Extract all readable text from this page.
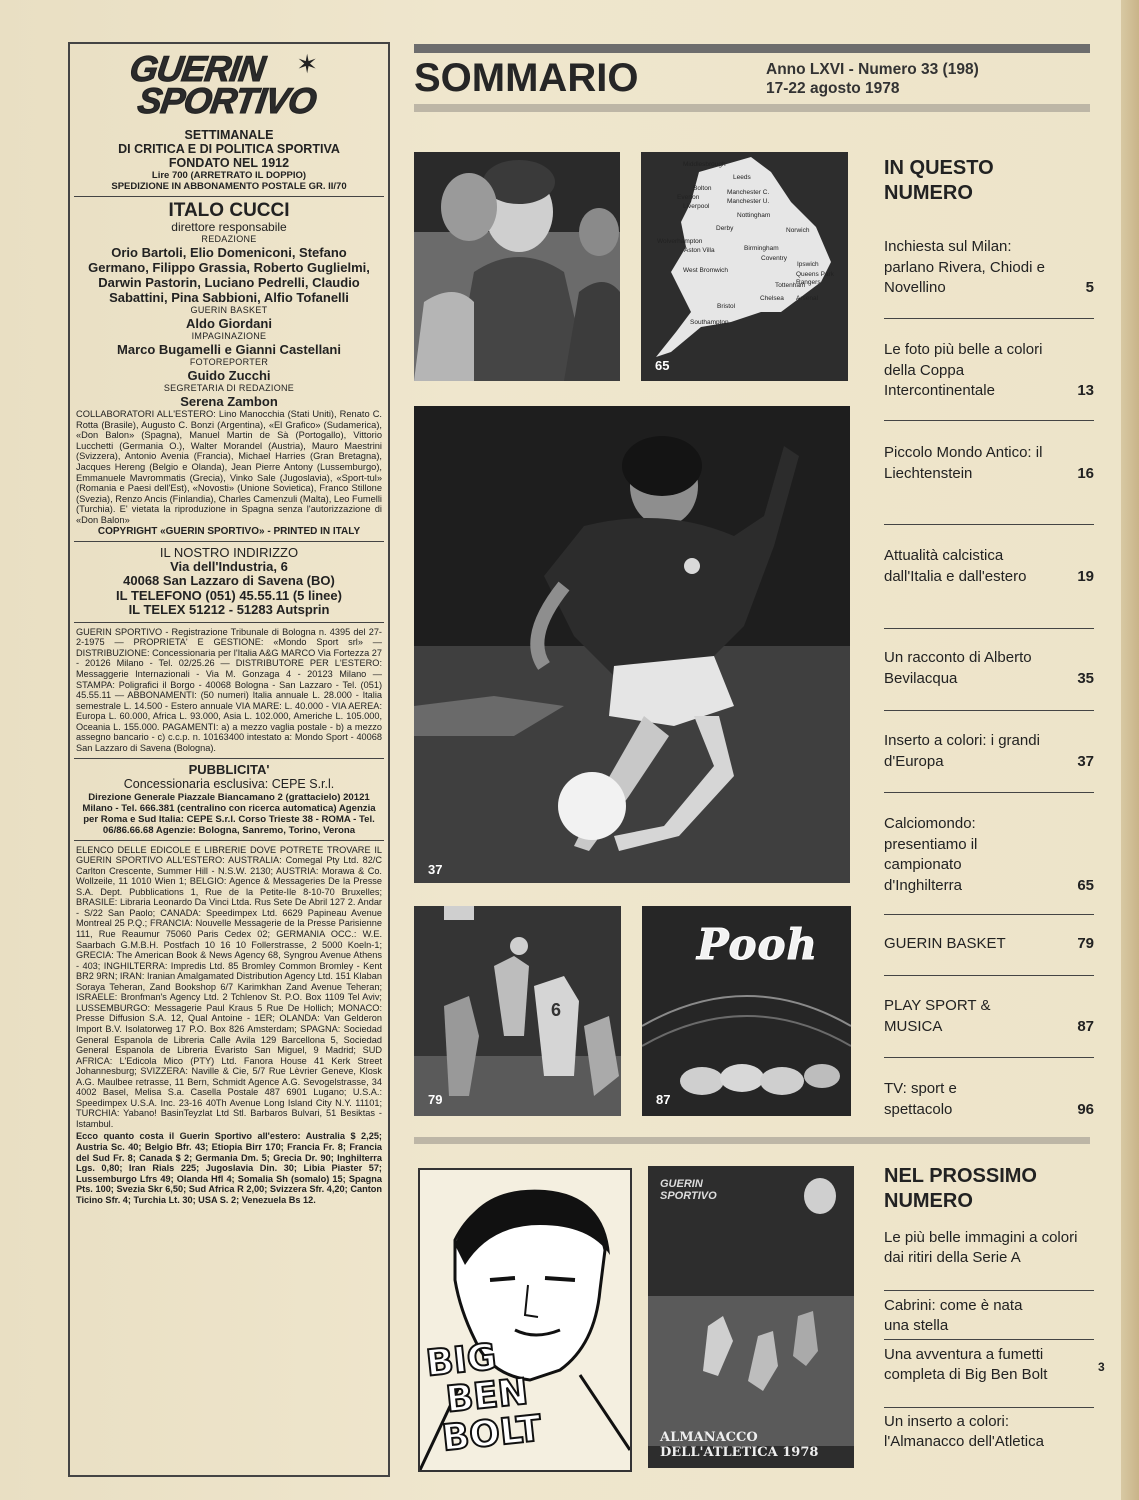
GUERIN
SPORTIVO
✶
SETTIMANALE
DI CRITICA E DI POLITICA SPORTIVA
FONDATO NEL 1912
Lire 700 (ARRETRATO IL DOPPIO)
SPEDIZIONE IN ABBONAMENTO POSTALE GR. II/70
ITALO CUCCI
direttore responsabile
REDAZIONE
Orio Bartoli, Elio Domeniconi, Stefano Germano, Filippo Grassia, Roberto Guglielmi, Darwin Pastorin, Luciano Pedrelli, Claudio Sabattini, Pina Sabbioni, Alfio Tofanelli
GUERIN BASKET
Aldo Giordani
IMPAGINAZIONE
Marco Bugamelli e Gianni Castellani
FOTOREPORTER
Guido Zucchi
SEGRETARIA DI REDAZIONE
Serena Zambon
COLLABORATORI ALL'ESTERO: Lino Manocchia (Stati Uniti), Renato C. Rotta (Brasile), Augusto C. Bonzi (Argentina), «El Grafico» (Sudamerica), «Don Balon» (Spagna), Manuel Martin de Sà (Portogallo), Vittorio Lucchetti (Germania O.), Walter Morandel (Austria), Mauro Maestrini (Svizzera), Antonio Avenia (Francia), Michael Harries (Gran Bretagna), Jacques Hereng (Belgio e Olanda), Jean Pierre Antony (Lussemburgo), Emmanuele Mavrommatis (Grecia), Vinko Sale (Jugoslavia), «Sport-tul» (Romania e Paesi dell'Est), «Novosti» (Unione Sovietica), Franco Stillone (Svezia), Renzo Ancis (Finlandia), Charles Camenzuli (Malta), Leo Fumelli (Turchia). E' vietata la riproduzione in Spagna senza l'autorizzazione di «Don Balon»
COPYRIGHT «GUERIN SPORTIVO» - PRINTED IN ITALY
IL NOSTRO INDIRIZZO
Via dell'Industria, 6
40068 San Lazzaro di Savena (BO)
IL TELEFONO (051) 45.55.11 (5 linee)
IL TELEX 51212 - 51283 Autsprin
GUERIN SPORTIVO - Registrazione Tribunale di Bologna n. 4395 del 27-2-1975 — PROPRIETA' E GESTIONE: «Mondo Sport srl» — DISTRIBUZIONE: Concessionaria per l'Italia A&G MARCO Via Fortezza 27 - 20126 Milano - Tel. 02/25.26 — DISTRIBUTORE PER L'ESTERO: Messaggerie Internazionali - Via M. Gonzaga 4 - 20123 Milano — STAMPA: Poligrafici il Borgo - 40068 Bologna - San Lazzaro - Tel. (051) 45.55.11 — ABBONAMENTI: (50 numeri) Italia annuale L. 28.000 - Italia semestrale L. 14.500 - Estero annuale VIA MARE: L. 40.000 - VIA AEREA: Europa L. 60.000, Africa L. 93.000, Asia L. 102.000, Americhe L. 105.000, Oceania L. 155.000. PAGAMENTI: a) a mezzo vaglia postale - b) a mezzo assegno bancario - c) c.c.p. n. 10163400 intestato a: Mondo Sport - 40068 San Lazzaro di Savena (Bologna).
PUBBLICITA'
Concessionaria esclusiva: CEPE S.r.l.
Direzione Generale Piazzale Biancamano 2 (grattacielo) 20121 Milano - Tel. 666.381 (centralino con ricerca automatica) Agenzia per Roma e Sud Italia: CEPE S.r.l. Corso Trieste 38 - ROMA - Tel. 06/86.66.68 Agenzie: Bologna, Sanremo, Torino, Verona
ELENCO DELLE EDICOLE E LIBRERIE DOVE POTRETE TROVARE IL GUERIN SPORTIVO ALL'ESTERO: AUSTRALIA: Comegal Pty Ltd. 82/C Carlton Crescente, Summer Hill - N.S.W. 2130; AUSTRIA: Morawa & Co. Wollzeile, 11 1010 Wien 1; BELGIO: Agence & Messageries De la Presse S.A. Dept. Pubblications 1, Rue de la Petite-Ile 8-10-70 Bruxelles; BRASILE: Libraria Leonardo Da Vinci Ltda. Rus Sete De Abril 127 2. Andar - S/22 San Paolo; CANADA: Speedimpex Ltd. 6629 Papineau Avenue Montreal 25 P.Q.; FRANCIA: Nouvelle Messagerie de la Presse Parisienne 111, Rue Reaumur 75060 Paris Cedex 02; GERMANIA OCC.: W.E. Saarbach G.M.B.H. Postfach 10 16 10 Follerstrasse, 2 5000 Koeln-1; GRECIA: The American Book & News Agency 68, Syngrou Avenue Athens - 403; INGHILTERRA: Impredis Ltd. 85 Bromley Common Bromley - Kent BR2 9RN; IRAN: Iranian Amalgamated Distribution Agency Ltd. 151 Klaban Soraya Teheran, Zand Bookshop 6/7 Karimkhan Zand Avenue Teheran; ISRAELE: Bronfman's Agency Ltd. 2 Tchlenov St. P.O. Box 1109 Tel Aviv; LUSSEMBURGO: Messagerie Paul Kraus 5 Rue De Hollich; MONACO: Presse Diffusion S.A. 12, Qual Antoine - 1ER; OLANDA: Van Gelderon Import B.V. Isolatorweg 17 P.O. Box 826 Amsterdam; SPAGNA: Sociedad General Espanola de Libreria Calle Avila 129 Barcellona 5, Sociedad General Espanola de Libreria Evaristo San Miguel, 9 Madrid; SUD AFRICA: L'Edicola Mico (PTY) Ltd. Fanora House 41 Kerk Street Johannesburg; SVIZZERA: Naville & Cie, 5/7 Rue Lèvrier Geneve, Klosk A.G. Maulbee retrasse, 11 Bern, Schmidt Agence A.G. Sevogelstrasse, 34 4002 Basel, Melisa S.a. Casella Postale 487 6901 Lugano; U.S.A.: Speedimpex U.S.A. Inc. 23-16 40Th Avenue Long Island City N.Y. 11101; TURCHIA: Yabano! BasinTeyzlat Ltd Stl. Barbaros Bulvari, 51 Besiktas - Istambul.
Ecco quanto costa il Guerin Sportivo all'estero: Australia $ 2,25; Austria Sc. 40; Belgio Bfr. 43; Etiopia Birr 170; Francia Fr. 8; Francia del Sud Fr. 8; Canada $ 2; Germania Dm. 5; Grecia Dr. 90; Inghilterra Lgs. 0,80; Iran Rials 225; Jugoslavia Din. 30; Libia Piaster 57; Lussemburgo Lfrs 49; Olanda Hfl 4; Somalia Sh (somalo) 15; Spagna Pts. 100; Svezia Skr 6,50; Sud Africa R 2,00; Svizzera Sfr. 4,20; Canton Ticino Sfr. 4; Turchia Lt. 30; USA S. 2; Venezuela Bs 12.
SOMMARIO	Anno LXVI - Numero 33 (198)
17-22 agosto 1978
Middlesbrough
Leeds
Bolton
Everton
Manchester C.
Manchester U.
Liverpool
Nottingham
Derby	Norwich
Wolverhampton
Birmingham
Aston Villa
Coventry
Ipswich
West Bromwich
Queens Park
Rangers
Tottenham
Bristol
Chelsea Arsenal
Southampton
65
37
6
79
Pooh
87
BIG
BEN
BOLT
GUERIN SPORTIVO
ALMANACCO DELL'ATLETICA 1978
IN QUESTO NUMERO
Inchiesta sul Milan: parlano Rivera, Chiodi e Novellino	5
Le foto più belle a colori della Coppa Intercontinentale	13
Piccolo Mondo Antico: il Liechtenstein	16
Attualità calcistica dall'Italia e dall'estero	19
Un racconto di Alberto Bevilacqua	35
Inserto a colori: i grandi d'Europa	37
Calciomondo: presentiamo il campionato d'Inghilterra	65
GUERIN BASKET	79
PLAY SPORT & MUSICA	87
TV: sport e spettacolo	96
NEL PROSSIMO NUMERO
Le più belle immagini a colori dai ritiri della Serie A
Cabrini: come è nata una stella
Una avventura a fumetti completa di Big Ben Bolt
Un inserto a colori: l'Almanacco dell'Atletica
3
